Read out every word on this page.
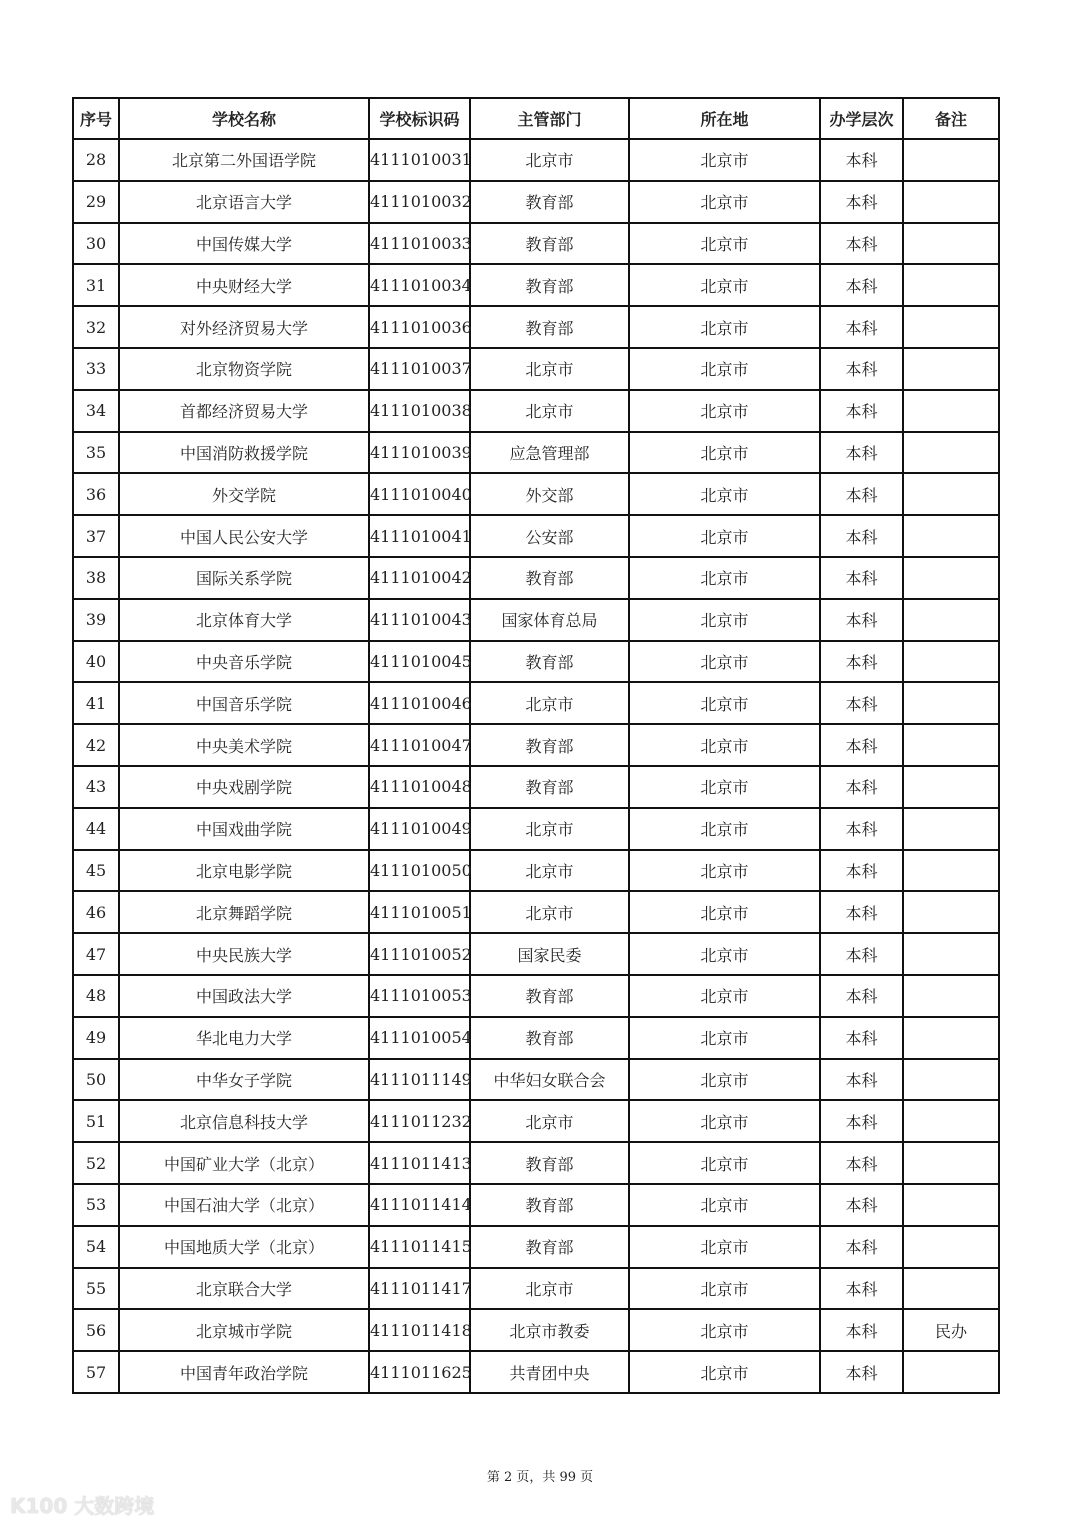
序号	学校名称	学校标识码	主管部门	所在地	办学层次	备注
28	北京第二外国语学院	4111010031	北京市	北京市	本科	
29	北京语言大学	4111010032	教育部	北京市	本科	
30	中国传媒大学	4111010033	教育部	北京市	本科	
31	中央财经大学	4111010034	教育部	北京市	本科	
32	对外经济贸易大学	4111010036	教育部	北京市	本科	
33	北京物资学院	4111010037	北京市	北京市	本科	
34	首都经济贸易大学	4111010038	北京市	北京市	本科	
35	中国消防救援学院	4111010039	应急管理部	北京市	本科	
36	外交学院	4111010040	外交部	北京市	本科	
37	中国人民公安大学	4111010041	公安部	北京市	本科	
38	国际关系学院	4111010042	教育部	北京市	本科	
39	北京体育大学	4111010043	国家体育总局	北京市	本科	
40	中央音乐学院	4111010045	教育部	北京市	本科	
41	中国音乐学院	4111010046	北京市	北京市	本科	
42	中央美术学院	4111010047	教育部	北京市	本科	
43	中央戏剧学院	4111010048	教育部	北京市	本科	
44	中国戏曲学院	4111010049	北京市	北京市	本科	
45	北京电影学院	4111010050	北京市	北京市	本科	
46	北京舞蹈学院	4111010051	北京市	北京市	本科	
47	中央民族大学	4111010052	国家民委	北京市	本科	
48	中国政法大学	4111010053	教育部	北京市	本科	
49	华北电力大学	4111010054	教育部	北京市	本科	
50	中华女子学院	4111011149	中华妇女联合会	北京市	本科	
51	北京信息科技大学	4111011232	北京市	北京市	本科	
52	中国矿业大学（北京）	4111011413	教育部	北京市	本科	
53	中国石油大学（北京）	4111011414	教育部	北京市	本科	
54	中国地质大学（北京）	4111011415	教育部	北京市	本科	
55	北京联合大学	4111011417	北京市	北京市	本科	
56	北京城市学院	4111011418	北京市教委	北京市	本科	民办
57	中国青年政治学院	4111011625	共青团中央	北京市	本科	
第 2 页，共 99 页
K100 大数跨境
